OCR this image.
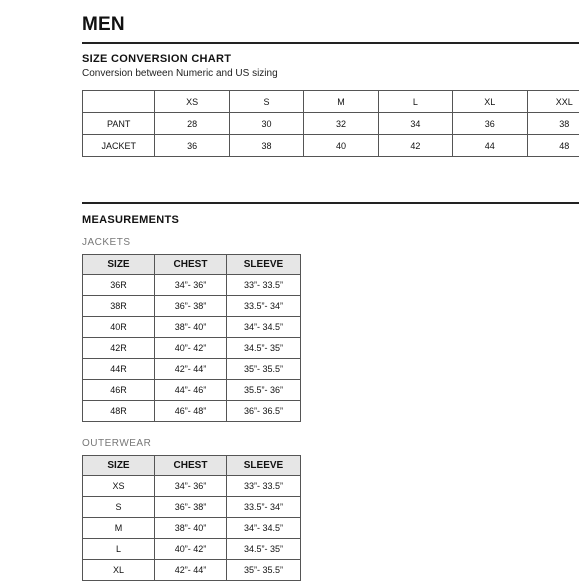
MEN
SIZE CONVERSION CHART
Conversion between Numeric and US sizing
	XS	S	M	L	XL	XXL
PANT	28	30	32	34	36	38
JACKET	36	38	40	42	44	48
MEASUREMENTS
JACKETS
SIZE	CHEST	SLEEVE
36R	34”- 36”	33”- 33.5”
38R	36”- 38”	33.5”- 34”
40R	38”- 40”	34”- 34.5”
42R	40”- 42”	34.5”- 35”
44R	42”- 44”	35”- 35.5”
46R	44”- 46”	35.5”- 36”
48R	46”- 48”	36”- 36.5”
OUTERWEAR
SIZE	CHEST	SLEEVE
XS	34”- 36”	33”- 33.5”
S	36”- 38”	33.5”- 34”
M	38”- 40”	34”- 34.5”
L	40”- 42”	34.5”- 35”
XL	42”- 44”	35”- 35.5”
